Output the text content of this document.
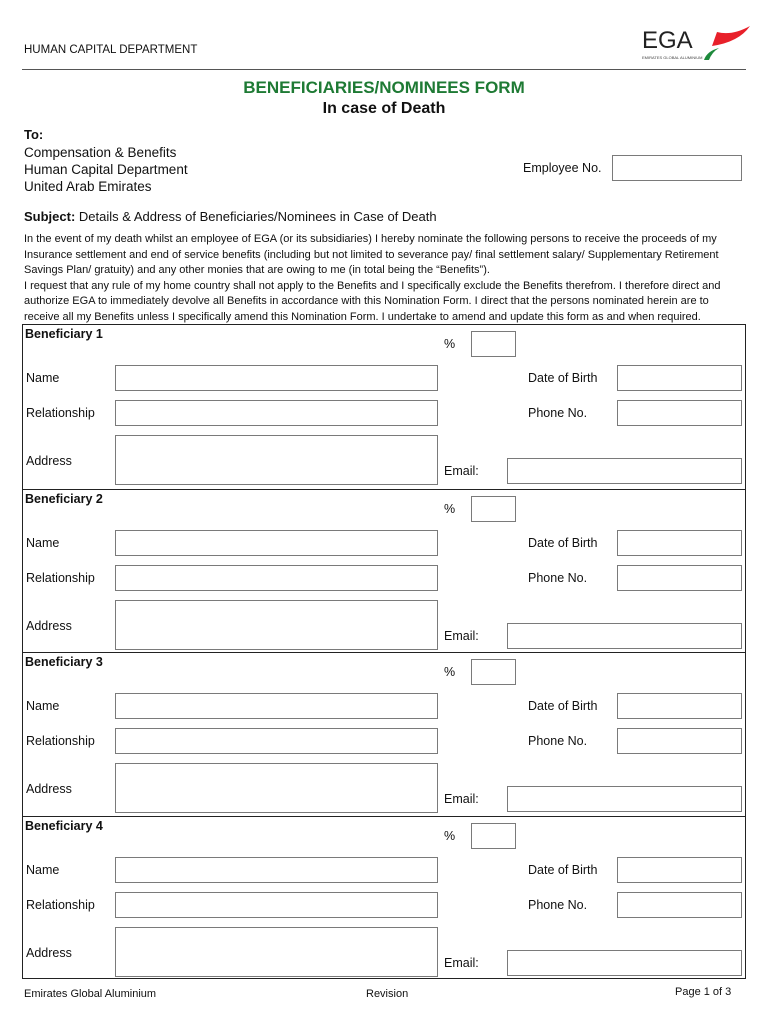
HUMAN CAPITAL DEPARTMENT	EGA
EMIRATES GLOBAL ALUMINIUM
BENEFICIARIES/NOMINEES FORM
In case of Death
To:
Compensation & Benefits
Human Capital Department
United Arab Emirates
Employee No.
Subject: Details & Address of Beneficiaries/Nominees in Case of Death
In the event of my death whilst an employee of EGA (or its subsidiaries) I hereby nominate the following persons to receive the proceeds of my
Insurance settlement and end of service benefits (including but not limited to severance pay/ final settlement salary/ Supplementary Retirement
Savings Plan/ gratuity) and any other monies that are owing to me (in total being the “Benefits”).
I request that any rule of my home country shall not apply to the Benefits and I specifically exclude the Benefits therefrom. I therefore direct and
authorize EGA to immediately devolve all Benefits in accordance with this Nomination Form. I direct that the persons nominated herein are to
receive all my Benefits unless I specifically amend this Nomination Form. I undertake to amend and update this form as and when required.
Beneficiary 1
%
Name	Date of Birth
Relationship	Phone No.
Address
Email:
Beneficiary 2
%
Name	Date of Birth
Relationship	Phone No.
Address
Email:
Beneficiary 3
%
Name	Date of Birth
Relationship	Phone No.
Address
Email:
Beneficiary 4
%
Name	Date of Birth
Relationship	Phone No.
Address
Email:
Emirates Global Aluminium	Revision	Page 1 of 3
